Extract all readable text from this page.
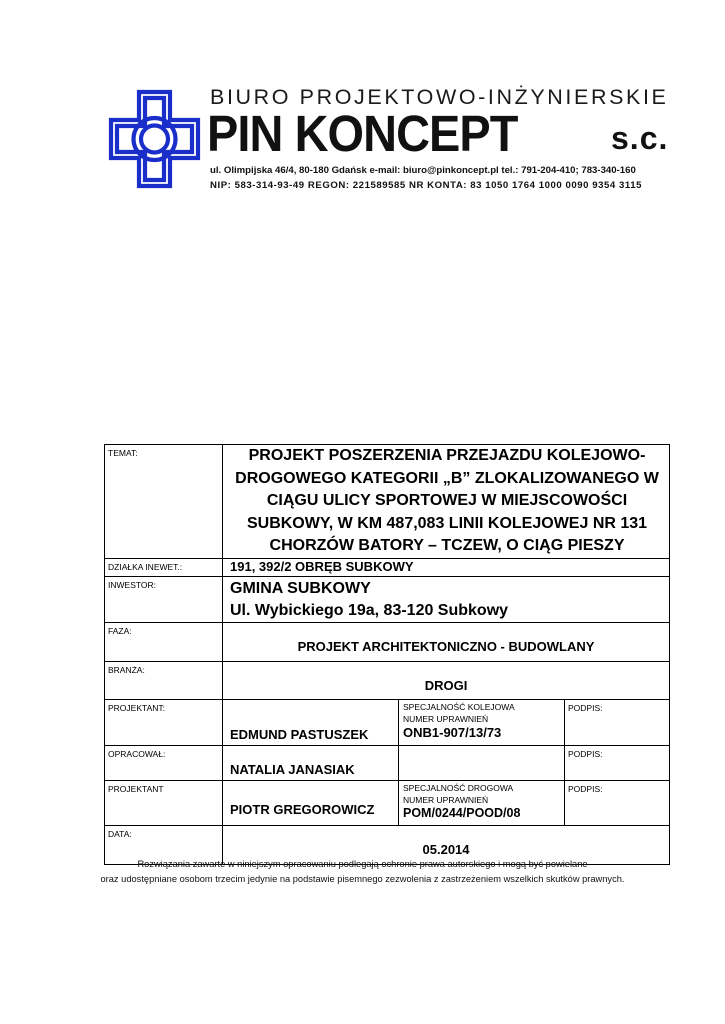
BIURO PROJEKTOWO-INŻYNIERSKIE
PIN KONCEPT	s.c.
ul. Olimpijska 46/4, 80-180 Gdańsk e-mail: biuro@pinkoncept.pl tel.: 791-204-410; 783-340-160
NIP: 583-314-93-49 REGON: 221589585 NR KONTA: 83 1050 1764 1000 0090 9354 3115
TEMAT:	PROJEKT POSZERZENIA PRZEJAZDU KOLEJOWO-DROGOWEGO KATEGORII „B” ZLOKALIZOWANEGO W CIĄGU ULICY SPORTOWEJ W MIEJSCOWOŚCI SUBKOWY, W KM 487,083 LINII KOLEJOWEJ NR 131 CHORZÓW BATORY – TCZEW, O CIĄG PIESZY		
DZIAŁKA INEWET.:	191, 392/2 OBRĘB SUBKOWY		
INWESTOR:	GMINA SUBKOWY
Ul. Wybickiego 19a, 83-120 Subkowy		

FAZA:	PROJEKT ARCHITEKTONICZNO - BUDOWLANY		
BRANŻA:	DROGI		
PROJEKTANT:	EDMUND PASTUSZEK	SPECJALNOŚĆ KOLEJOWA
NUMER UPRAWNIEŃ
ONB1-907/13/73	PODPIS:
OPRACOWAŁ:	NATALIA JANASIAK		PODPIS:
PROJEKTANT	PIOTR GREGOROWICZ	SPECJALNOŚĆ DROGOWA
NUMER UPRAWNIEŃ
POM/0244/POOD/08	PODPIS:
DATA:	05.2014		
Rozwiązania zawarte w niniejszym opracowaniu podlegają ochronie prawa autorskiego i mogą być powielane
oraz udostępniane osobom trzecim jedynie na podstawie pisemnego zezwolenia z zastrzeżeniem wszelkich skutków prawnych.
